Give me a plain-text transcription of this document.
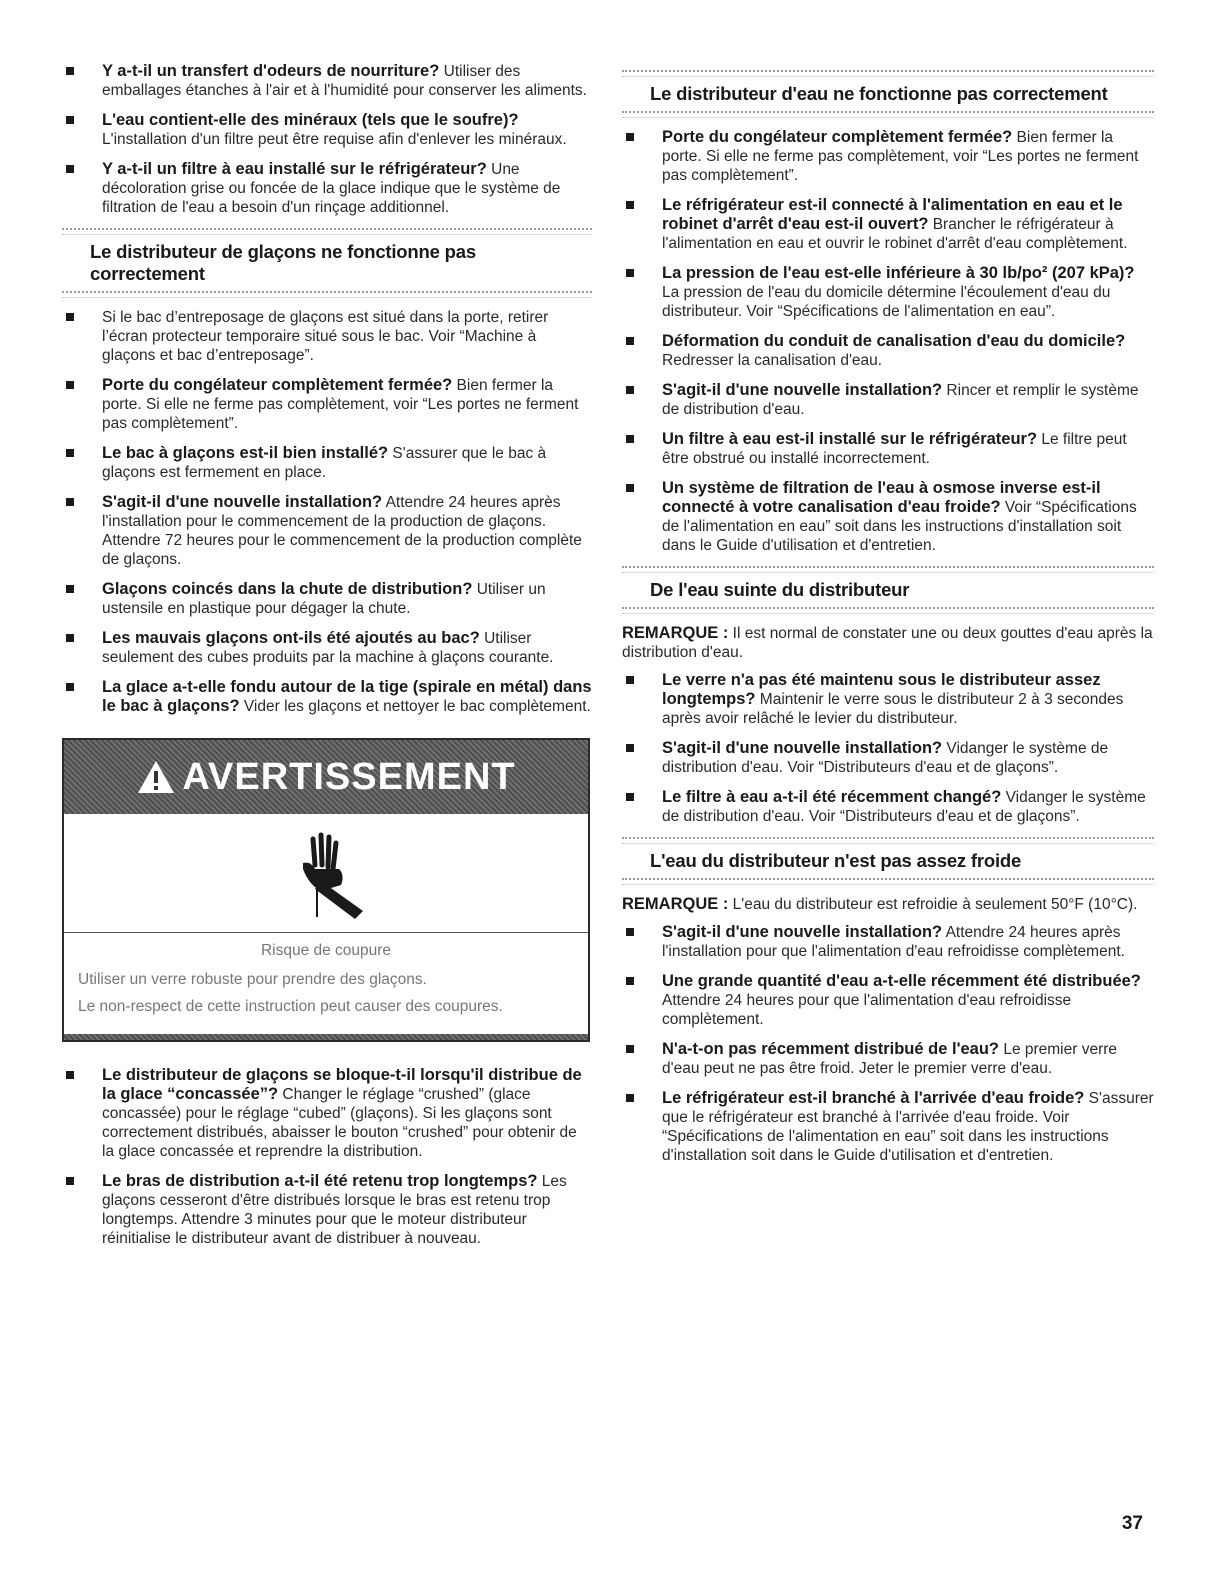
Y a-t-il un transfert d'odeurs de nourriture? Utiliser des emballages étanches à l'air et à l'humidité pour conserver les aliments.
L'eau contient-elle des minéraux (tels que le soufre)? L'installation d'un filtre peut être requise afin d'enlever les minéraux.
Y a-t-il un filtre à eau installé sur le réfrigérateur? Une décoloration grise ou foncée de la glace indique que le système de filtration de l'eau a besoin d'un rinçage additionnel.
Le distributeur de glaçons ne fonctionne pas correctement
Si le bac d’entreposage de glaçons est situé dans la porte, retirer l’écran protecteur temporaire situé sous le bac. Voir “Machine à glaçons et bac d’entreposage”.
Porte du congélateur complètement fermée? Bien fermer la porte. Si elle ne ferme pas complètement, voir “Les portes ne ferment pas complètement”.
Le bac à glaçons est-il bien installé? S'assurer que le bac à glaçons est fermement en place.
S'agit-il d'une nouvelle installation? Attendre 24 heures après l'installation pour le commencement de la production de glaçons. Attendre 72 heures pour le commencement de la production complète de glaçons.
Glaçons coincés dans la chute de distribution? Utiliser un ustensile en plastique pour dégager la chute.
Les mauvais glaçons ont-ils été ajoutés au bac? Utiliser seulement des cubes produits par la machine à glaçons courante.
La glace a-t-elle fondu autour de la tige (spirale en métal) dans le bac à glaçons? Vider les glaçons et nettoyer le bac complètement.
AVERTISSEMENT
Risque de coupure

Utiliser un verre robuste pour prendre des glaçons.

Le non-respect de cette instruction peut causer des coupures.

Le distributeur de glaçons se bloque-t-il lorsqu'il distribue de la glace “concassée”? Changer le réglage “crushed” (glace concassée) pour le réglage “cubed” (glaçons). Si les glaçons sont correctement distribués, abaisser le bouton “crushed” pour obtenir de la glace concassée et reprendre la distribution.
Le bras de distribution a-t-il été retenu trop longtemps? Les glaçons cesseront d'être distribués lorsque le bras est retenu trop longtemps. Attendre 3 minutes pour que le moteur distributeur réinitialise le distributeur avant de distribuer à nouveau.
Le distributeur d'eau ne fonctionne pas correctement
Porte du congélateur complètement fermée? Bien fermer la porte. Si elle ne ferme pas complètement, voir “Les portes ne ferment pas complètement”.
Le réfrigérateur est-il connecté à l'alimentation en eau et le robinet d'arrêt d'eau est-il ouvert? Brancher le réfrigérateur à l'alimentation en eau et ouvrir le robinet d'arrêt d'eau complètement.
La pression de l'eau est-elle inférieure à 30 lb/po² (207 kPa)? La pression de l'eau du domicile détermine l'écoulement d'eau du distributeur. Voir “Spécifications de l'alimentation en eau”.
Déformation du conduit de canalisation d'eau du domicile? Redresser la canalisation d'eau.
S'agit-il d'une nouvelle installation? Rincer et remplir le système de distribution d'eau.
Un filtre à eau est-il installé sur le réfrigérateur? Le filtre peut être obstrué ou installé incorrectement.
Un système de filtration de l'eau à osmose inverse est-il connecté à votre canalisation d'eau froide? Voir “Spécifications de l'alimentation en eau” soit dans les instructions d'installation soit dans le Guide d'utilisation et d'entretien.
De l'eau suinte du distributeur
REMARQUE : Il est normal de constater une ou deux gouttes d'eau après la distribution d'eau.
Le verre n'a pas été maintenu sous le distributeur assez longtemps? Maintenir le verre sous le distributeur 2 à 3 secondes après avoir relâché le levier du distributeur.
S'agit-il d'une nouvelle installation? Vidanger le système de distribution d'eau. Voir “Distributeurs d'eau et de glaçons”.
Le filtre à eau a-t-il été récemment changé? Vidanger le système de distribution d'eau. Voir “Distributeurs d'eau et de glaçons”.
L'eau du distributeur n'est pas assez froide
REMARQUE : L'eau du distributeur est refroidie à seulement 50°F (10°C).
S'agit-il d'une nouvelle installation? Attendre 24 heures après l'installation pour que l'alimentation d'eau refroidisse complètement.
Une grande quantité d'eau a-t-elle récemment été distribuée? Attendre 24 heures pour que l'alimentation d'eau refroidisse complètement.
N'a-t-on pas récemment distribué de l'eau? Le premier verre d'eau peut ne pas être froid. Jeter le premier verre d'eau.
Le réfrigérateur est-il branché à l'arrivée d'eau froide? S'assurer que le réfrigérateur est branché à l'arrivée d'eau froide. Voir “Spécifications de l'alimentation en eau” soit dans les instructions d'installation soit dans le Guide d'utilisation et d'entretien.
37
